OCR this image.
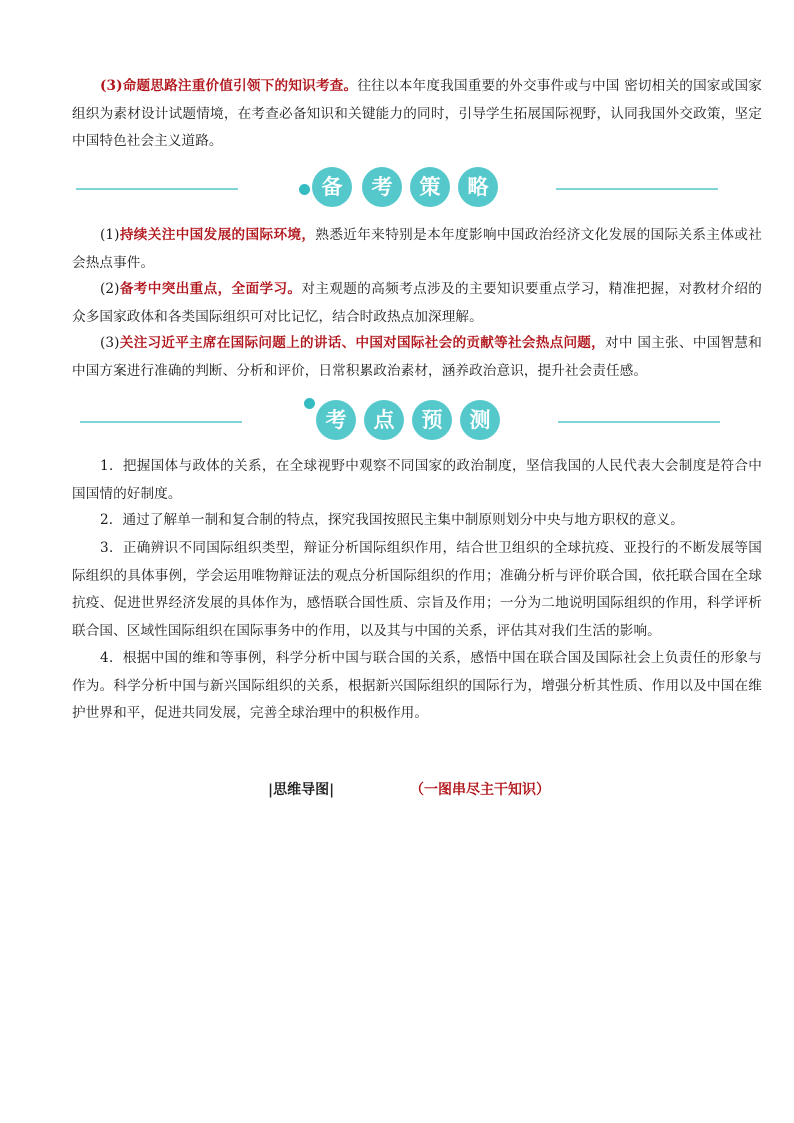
(3)命题思路注重价值引领下的知识考查。往往以本年度我国重要的外交事件或与中国 密切相关的国家或国家组织为素材设计试题情境，在考查必备知识和关键能力的同时，引导学生拓展国际视野，认同我国外交政策，坚定中国特色社会主义道路。

备	考	策	略

(1)持续关注中国发展的国际环境，熟悉近年来特别是本年度影响中国政治经济文化发展的国际关系主体或社会热点事件。

(2)备考中突出重点，全面学习。对主观题的高频考点涉及的主要知识要重点学习，精准把握，对教材介绍的众多国家政体和各类国际组织可对比记忆，结合时政热点加深理解。

(3)关注习近平主席在国际问题上的讲话、中国对国际社会的贡献等社会热点问题，对中 国主张、中国智慧和中国方案进行准确的判断、分析和评价，日常积累政治素材，涵养政治意识，提升社会责任感。

考	点	预	测

1．把握国体与政体的关系，在全球视野中观察不同国家的政治制度，坚信我国的人民代表大会制度是符合中国国情的好制度。

2．通过了解单一制和复合制的特点，探究我国按照民主集中制原则划分中央与地方职权的意义。

3．正确辨识不同国际组织类型，辩证分析国际组织作用，结合世卫组织的全球抗疫、亚投行的不断发展等国际组织的具体事例，学会运用唯物辩证法的观点分析国际组织的作用；准确分析与评价联合国，依托联合国在全球抗疫、促进世界经济发展的具体作为，感悟联合国性质、宗旨及作用；一分为二地说明国际组织的作用，科学评析联合国、区域性国际组织在国际事务中的作用，以及其与中国的关系，评估其对我们生活的影响。

4．根据中国的维和等事例，科学分析中国与联合国的关系，感悟中国在联合国及国际社会上负责任的形象与作为。科学分析中国与新兴国际组织的关系，根据新兴国际组织的国际行为，增强分析其性质、作用以及中国在维护世界和平，促进共同发展，完善全球治理中的积极作用。

|思维导图|	（一图串尽主干知识）
